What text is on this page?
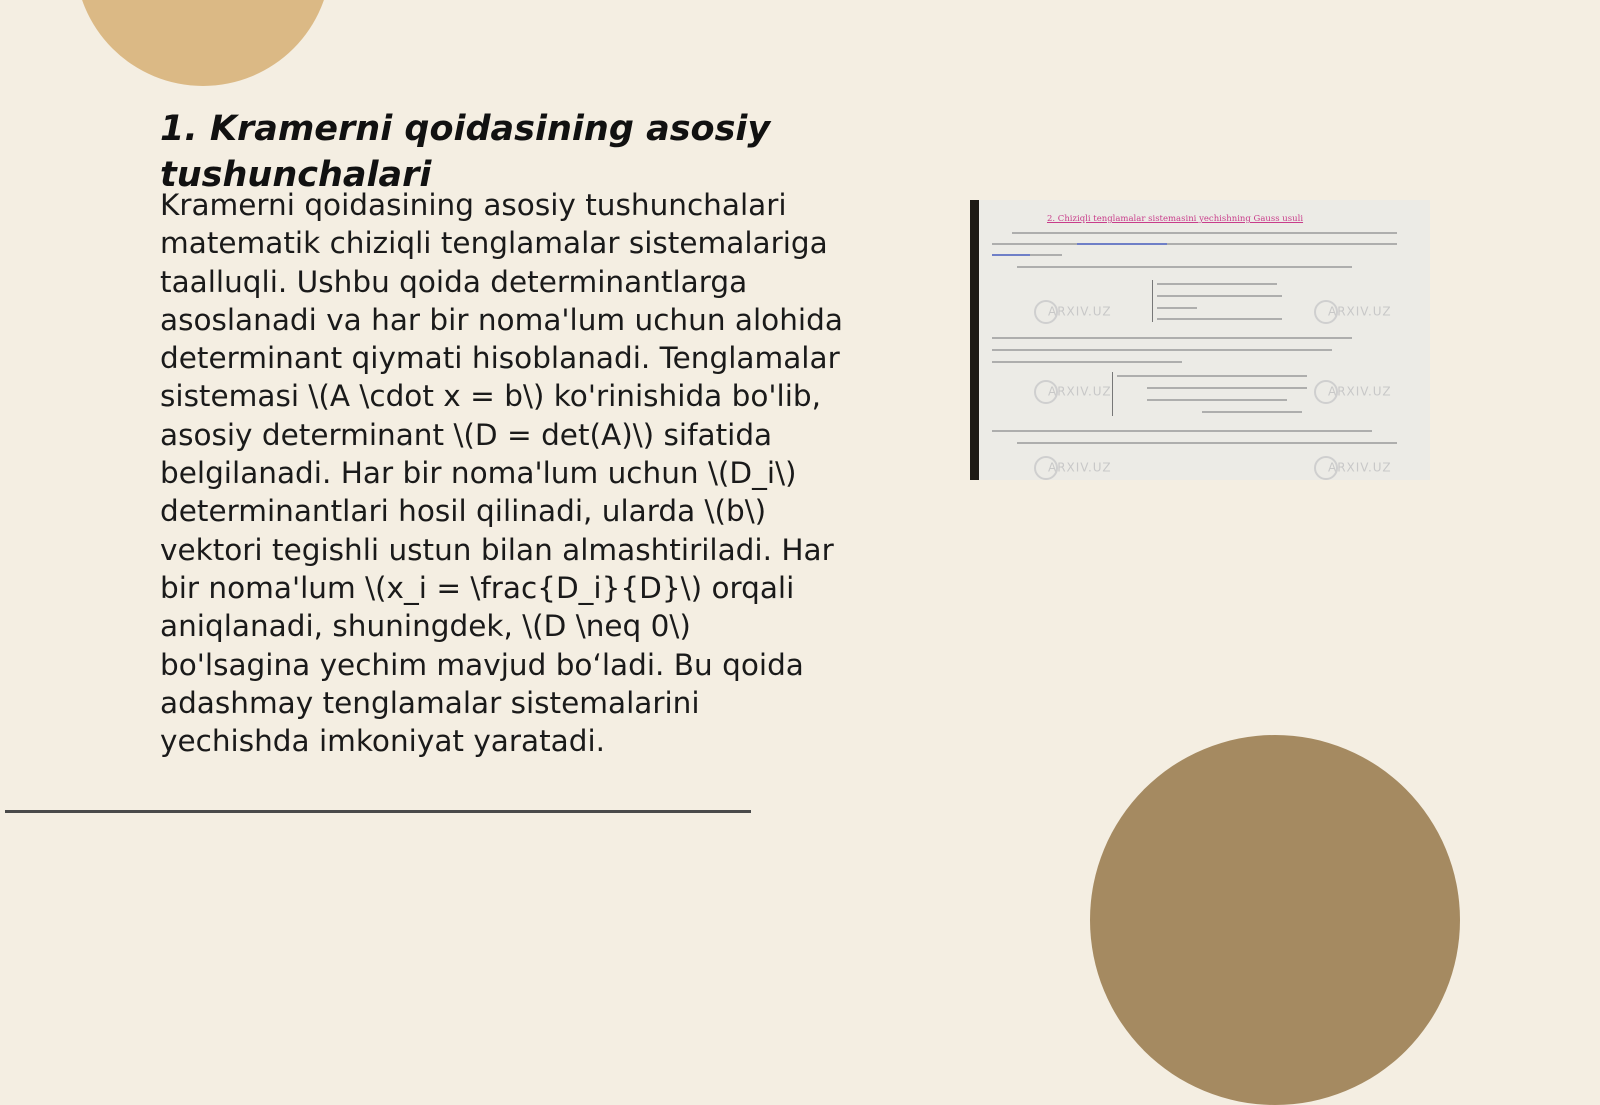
1. Kramerni qoidasining asosiy tushunchalari

Kramerni qoidasining asosiy tushunchalari matematik chiziqli tenglamalar sistemalariga taalluqli. Ushbu qoida determinantlarga asoslanadi va har bir noma'lum uchun alohida determinant qiymati hisoblanadi. Tenglamalar sistemasi \(A \cdot x = b\) ko'rinishida bo'lib, asosiy determinant \(D = det(A)\) sifatida belgilanadi. Har bir noma'lum uchun \(D_i\) determinantlari hosil qilinadi, ularda \(b\) vektori tegishli ustun bilan almashtiriladi. Har bir noma'lum \(x_i = \frac{D_i}{D}\) orqali aniqlanadi, shuningdek, \(D \neq 0\) bo'lsagina yechim mavjud bo‘ladi. Bu qoida adashmay tenglamalar sistemalarini yechishda imkoniyat yaratadi.

2. Chiziqli tenglamalar sistemasini yechishning Gauss usuli
ARXIV.UZ	ARXIV.UZ
ARXIV.UZ	ARXIV.UZ
ARXIV.UZ	ARXIV.UZ
